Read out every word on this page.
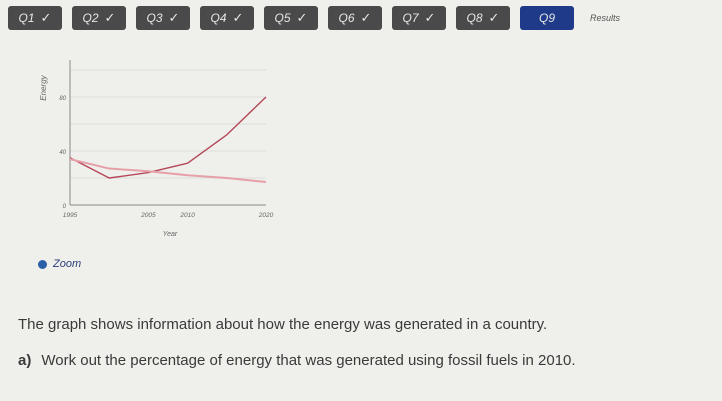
Q9
Q8 ✓
Q7 ✓
Q6 ✓
Q5 ✓
Q4 ✓
Q3 ✓
Q2 ✓
Q1 ✓	Results
0
40
80
1995	2005	2010	2020
Year
Energy
Zoom
The graph shows information about how the energy was generated in a country.
a) Work out the percentage of energy that was generated using fossil fuels in 2010.
